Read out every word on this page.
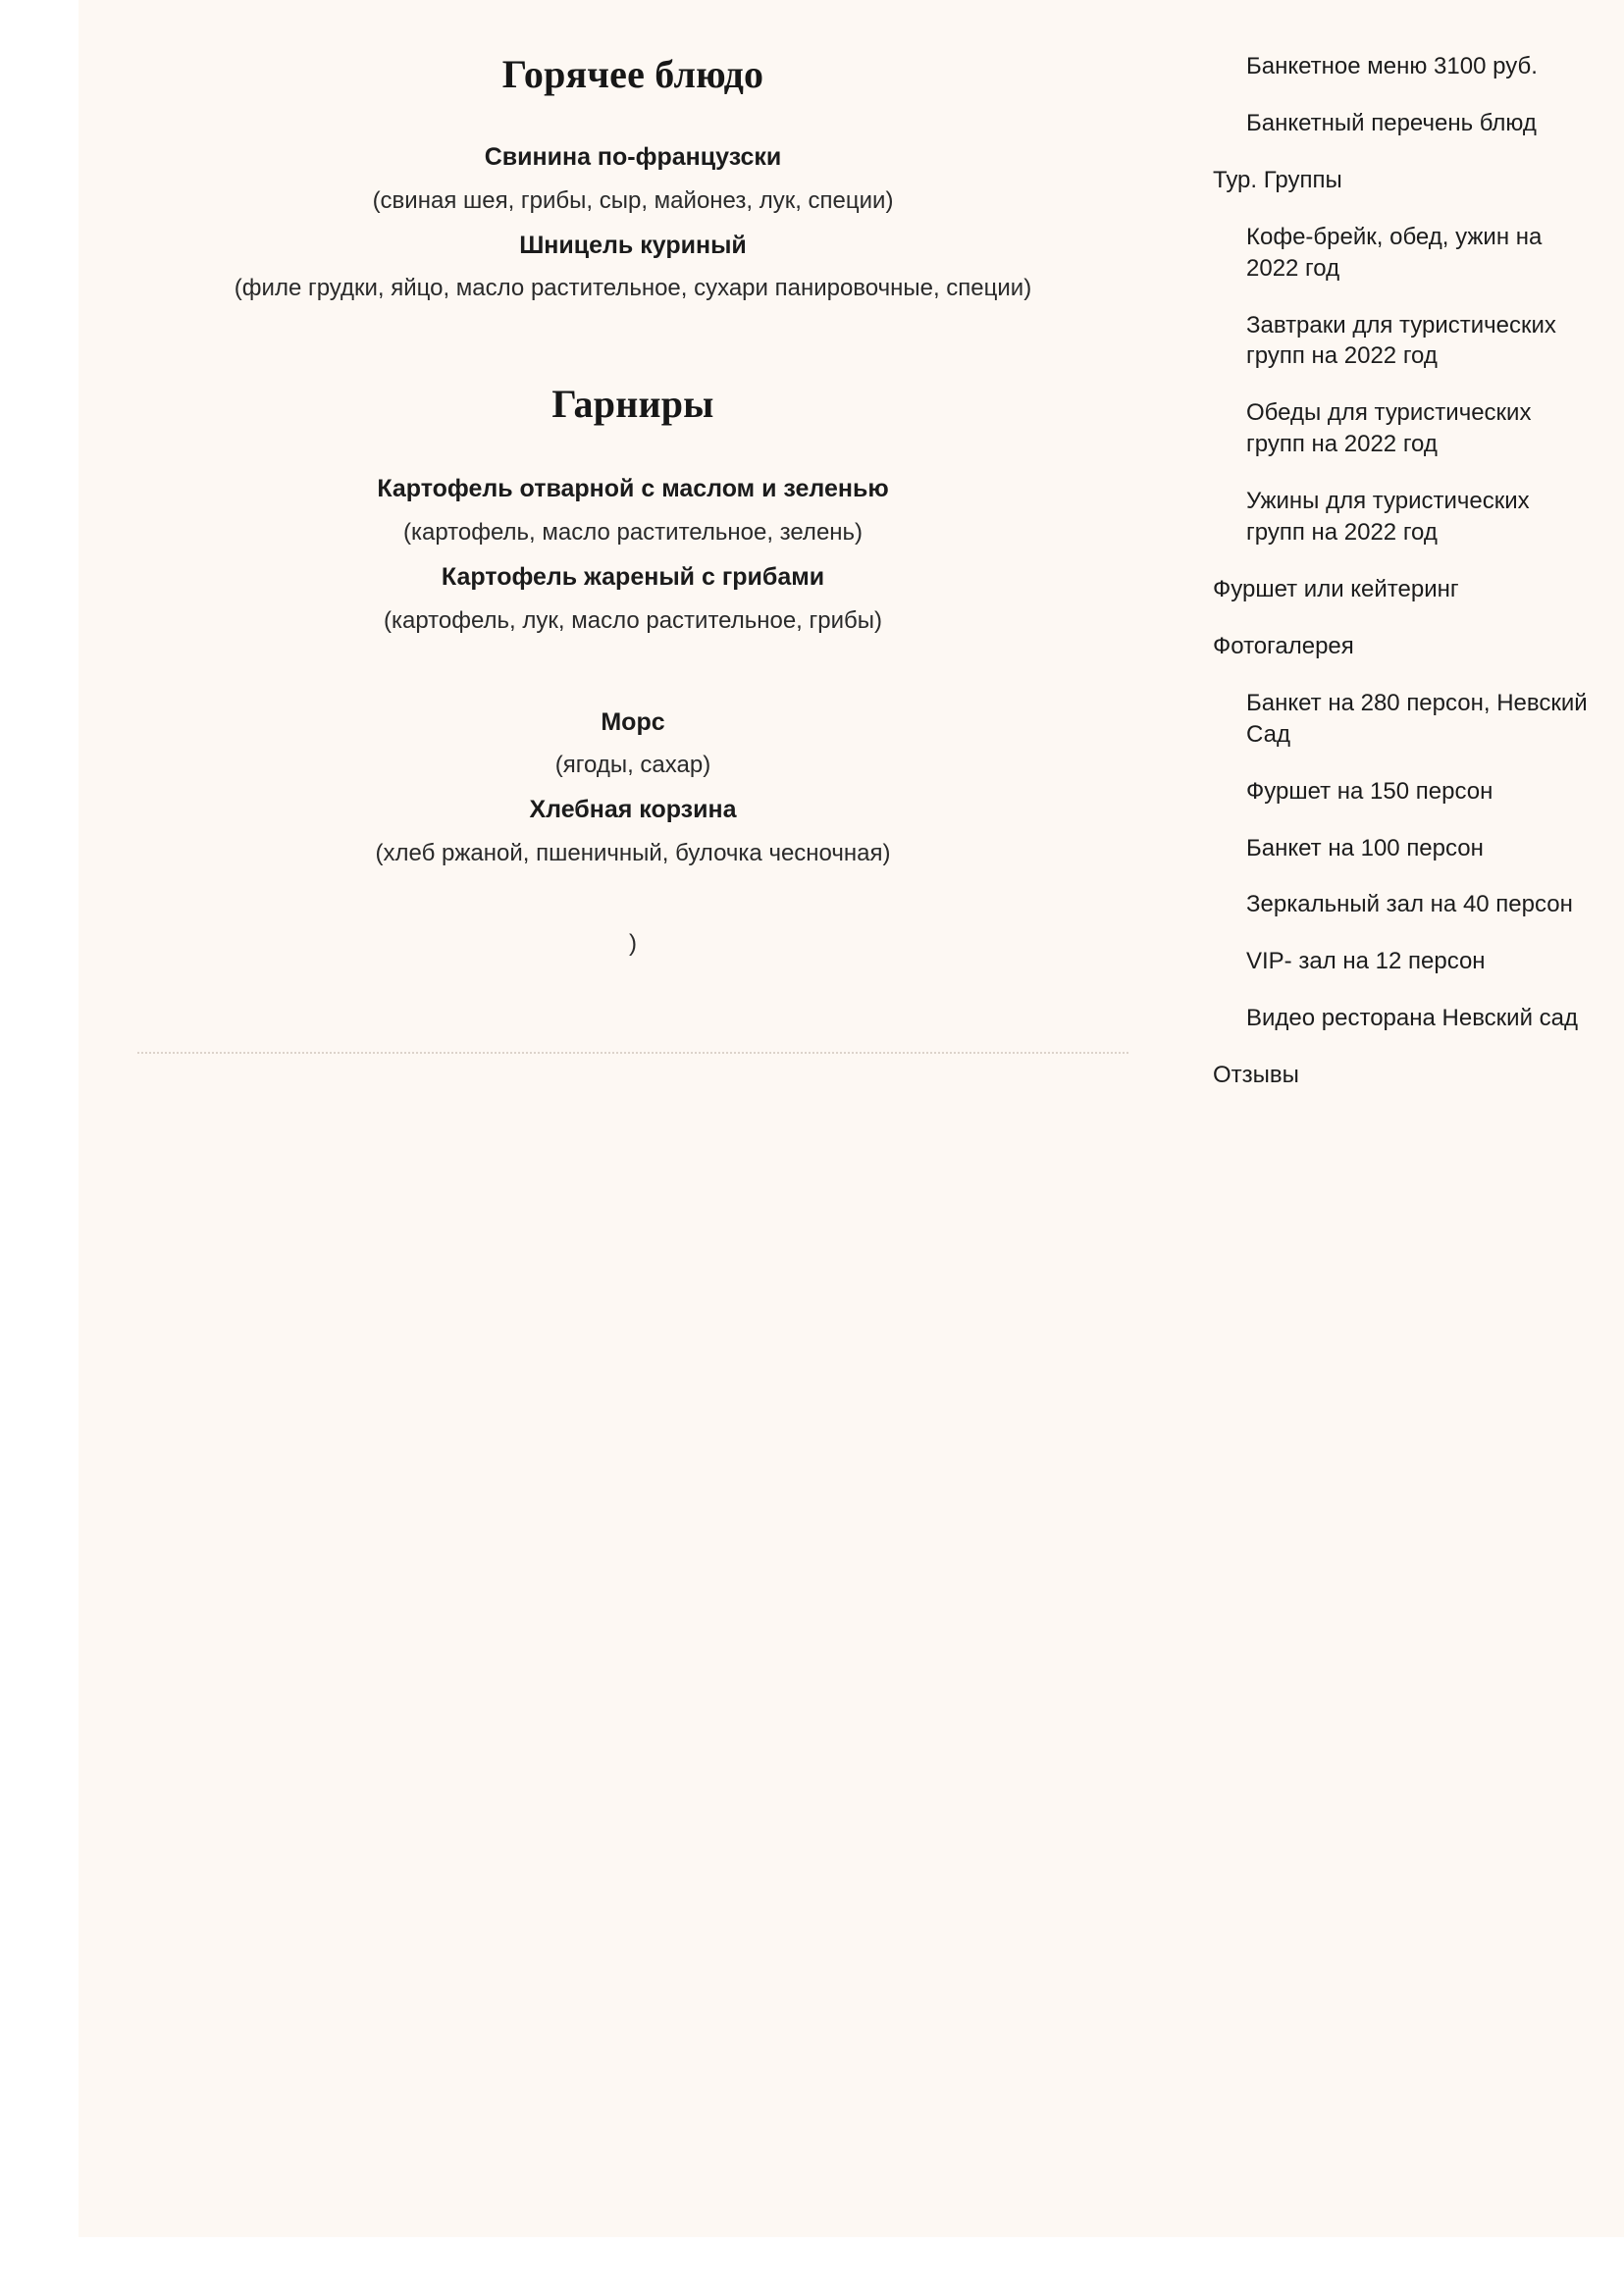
Горячее блюдо
Свинина по-французски
(свиная шея, грибы, сыр, майонез, лук, специи)
Шницель куриный
(филе грудки, яйцо, масло растительное, сухари панировочные, специи)
Гарниры
Картофель отварной с маслом и зеленью
(картофель, масло растительное, зелень)
Картофель жареный с грибами
(картофель, лук, масло растительное, грибы)
Морс
(ягоды, сахар)
Хлебная корзина
(хлеб ржаной, пшеничный, булочка чесночная)
)
Банкетное меню 3100 руб.
Банкетный перечень блюд
Тур. Группы
Кофе-брейк, обед, ужин на 2022 год
Завтраки для туристических групп на 2022 год
Обеды для туристических групп на 2022 год
Ужины для туристических групп на 2022 год
Фуршет или кейтеринг
Фотогалерея
Банкет на 280 персон, Невский Сад
Фуршет на 150 персон
Банкет на 100 персон
Зеркальный зал на 40 персон
VIP- зал на 12 персон
Видео ресторана Невский сад
Отзывы
